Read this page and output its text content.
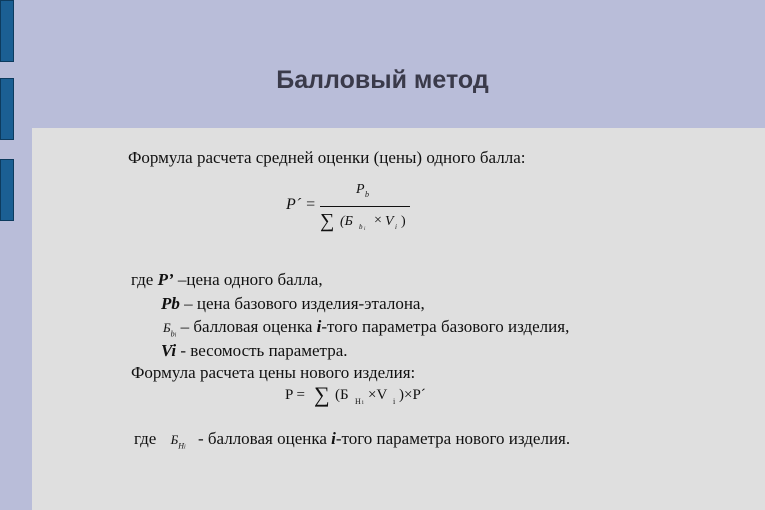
Балловый метод
Формула расчета средней оценки (цены) одного балла:
P´ =
P b
∑ (Б b i
× V i )
где P’ –цена одного балла,
Pb – цена базового изделия-эталона,
$Б_{bi}$ – балловая оценка i-того параметра базового изделия,
Vi - весомость параметра.
Формула расчета цены нового изделия:
P = ∑ (Б H i ×V i )×P´
где $Б_{Hi}$ - балловая оценка i-того параметра нового изделия.
